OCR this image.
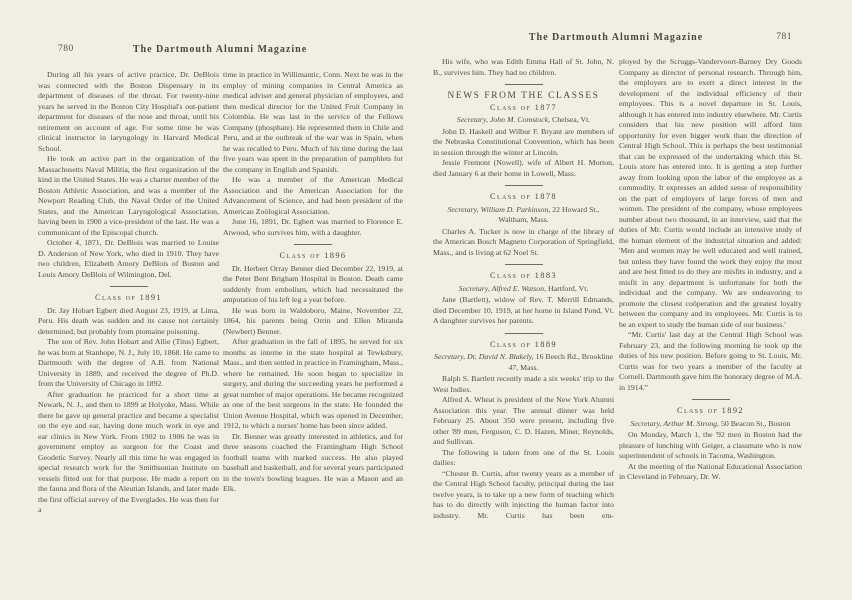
780	The Dartmouth Alumni Magazine
During all his years of active practice, Dr. DeBlois was connected with the Boston Dispensary in its department of diseases of the throat. For twenty-nine years he served in the Boston City Hospital's out-patient department for diseases of the nose and throat, until his retirement on account of age. For some time he was clinical instructor in laryngology in Harvard Medical School.
He took an active part in the organization of the Massachusetts Naval Militia, the first organization of the kind in the United States. He was a charter member of the Boston Athletic Association, and was a member of the Newport Reading Club, the Naval Order of the United States, and the American Laryngological Association, having been in 1900 a vice-president of the last. He was a communicant of the Episcopal church.
October 4, 1871, Dr. DeBlois was married to Louise D. Anderson of New York, who died in 1910. They have two children, Elizabeth Amory DeBlois of Boston and Louis Amory DeBlois of Wilmington, Del.
Class of 1891
Dr. Jay Hobart Egbert died August 23, 1919, at Lima, Peru. His death was sudden and its cause not certainly determined, but probably from ptomaine poisoning.
The son of Rev. John Hobart and Allie (Titus) Egbert, he was born at Stanhope, N. J., July 10, 1868. He came to Dartmouth with the degree of A.B. from National University in 1889, and received the degree of Ph.D. from the University of Chicago in 1892.
After graduation he practiced for a short time at Newark, N. J., and then to 1899 at Holyoke, Mass. While there he gave up general practice and became a specialist on the eye and ear, having done much work in eye and ear clinics in New York. From 1902 to 1906 he was in government employ as surgeon for the Coast and Geodetic Survey. Nearly all this time he was engaged in special research work for the Smithsonian Institute on vessels fitted out for that purpose. He made a report on the fauna and flora of the Aleutian Islands, and later made the first official survey of the Everglades. He was then for a
time in practice in Willimantic, Conn. Next he was in the employ of mining companies in Central America as medical adviser and general physician of employees, and then medical director for the United Fruit Company in Colombia. He was last in the service of the Fellows Company (phosphate). He represented them in Chile and Peru, and at the outbreak of the war was in Spain, when he was recalled to Peru. Much of his time during the last five years was spent in the preparation of pamphlets for the company in English and Spanish.
He was a member of the American Medical Association and the American Association for the Advancement of Science, and had been president of the American Zoölogical Association.
June 16, 1891, Dr. Egbert was married to Florence E. Atwood, who survives him, with a daughter.
Class of 1896
Dr. Herbert Orray Benner died December 22, 1919, at the Peter Bent Brigham Hospital in Boston. Death came suddenly from embolism, which had necessitated the amputation of his left leg a year before.
He was born in Waldoboro, Maine, November 22, 1864, his parents being Orrin and Ellen Miranda (Newbert) Benner.
After graduation in the fall of 1895, he served for six months as interne in the state hospital at Tewksbury, Mass., and then settled in practice in Framingham, Mass., where he remained. He soon began to specialize in surgery, and during the succeeding years he performed a great number of major operations. He became recognized as one of the best surgeons in the state. He founded the Union Avenue Hospital, which was opened in December, 1912, to which a nurses' home has been since added.
Dr. Benner was greatly interested in athletics, and for three seasons coached the Framingham High School football teams with marked success. He also played baseball and basketball, and for several years participated in the town's bowling leagues. He was a Mason and an Elk.
The Dartmouth Alumni Magazine	781
His wife, who was Edith Emma Hall of St. John, N. B., survives him. They had no children.
NEWS FROM THE CLASSES
Class of 1877
Secretary, John M. Comstock, Chelsea, Vt.
John D. Haskell and Wilbur F. Bryant are members of the Nebraska Constitutional Convention, which has been in session through the winter at Lincoln.
Jessie Fremont (Nowell), wife of Albert H. Morton, died January 6 at their home in Lowell, Mass.
Class of 1878
Secretary, William D. Parkinson, 22 Howard St., Waltham, Mass.
Charles A. Tucker is now in charge of the library of the American Bosch Magneto Corporation of Springfield, Mass., and is living at 62 Noel St.
Class of 1883
Secretary, Alfred E. Watson, Hartford, Vt.
Jane (Bartlett), widow of Rev. T. Merrill Edmands, died December 10, 1919, at her home in Island Pond, Vt. A daughter survives her parents.
Class of 1889
Secretary, Dr. David N. Blakely, 16 Beech Rd., Brookline 47, Mass.
Ralph S. Bartlett recently made a six weeks' trip to the West Indies.
Alfred A. Wheat is president of the New York Alumni Association this year. The annual dinner was held February 25. About 350 were present, including five other '89 men, Ferguson, C. D. Hazen, Miner, Reynolds, and Sullivan.
The following is taken from one of the St. Louis dailies:
“Chester B. Curtis, after twenty years as a member of the Central High School faculty, principal during the last twelve years, is to take up a new form of teaching which has to do directly with injecting the human factor into industry. Mr. Curtis has been em-
ployed by the Scruggs-Vandervoort-Barney Dry Goods Company as director of personal research. Through him, the employers are to exert a direct interest in the development of the individual efficiency of their employees. This is a novel departure in St. Louis, although it has entered into industry elsewhere. Mr. Curtis considers that his new position will afford him opportunity for even bigger work than the direction of Central High School. This is perhaps the best testimonial that can be expressed of the undertaking which this St. Louis store has entered into. It is getting a step further away from looking upon the labor of the employee as a commodity. It expresses an added sense of responsibility on the part of employers of large forces of men and women. The president of the company, whose employees number about two thousand, in an interview, said that the duties of Mr. Curtis would include an intensive study of the human element of the industrial situation and added: 'Men and women may be well educated and well trained, but unless they have found the work they enjoy the most and are best fitted to do they are misfits in industry, and a misfit in any department is unfortunate for both the individual and the company. We are endeavoring to promote the closest coöperation and the greatest loyalty between the company and its employees. Mr. Curtis is to be an expert to study the human side of our business.'
“Mr. Curtis' last day at the Central High School was February 23, and the following morning he took up the duties of his new position. Before going to St. Louis, Mr. Curtis was for two years a member of the faculty at Cornell. Dartmouth gave him the honorary degree of M.A. in 1914.”
Class of 1892
Secretary, Arthur M. Strong, 50 Beacon St., Boston
On Monday, March 1, the '92 men in Boston had the pleasure of lunching with Geiger, a classmate who is now superintendent of schools in Tacoma, Washington.
At the meeting of the National Educational Association in Cleveland in February, Dr. W.
